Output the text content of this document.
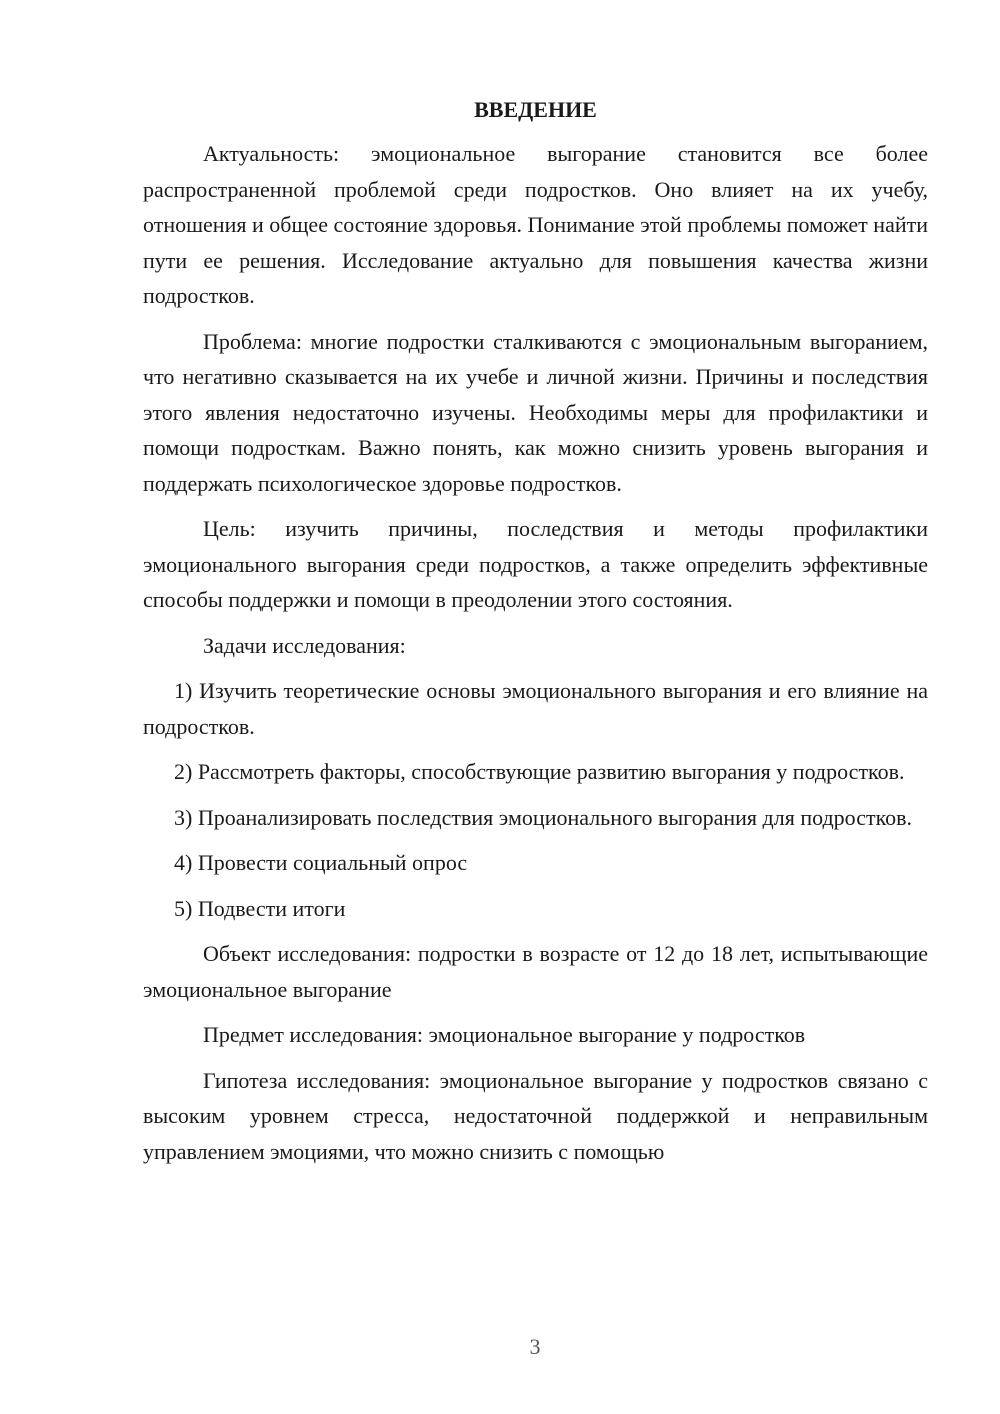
ВВЕДЕНИЕ

Актуальность: эмоциональное выгорание становится все более распространенной проблемой среди подростков. Оно влияет на их учебу, отношения и общее состояние здоровья. Понимание этой проблемы поможет найти пути ее решения. Исследование актуально для повышения качества жизни подростков.

Проблема: многие подростки сталкиваются с эмоциональным выгоранием, что негативно сказывается на их учебе и личной жизни. Причины и последствия этого явления недостаточно изучены. Необходимы меры для профилактики и помощи подросткам. Важно понять, как можно снизить уровень выгорания и поддержать психологическое здоровье подростков.

Цель: изучить причины, последствия и методы профилактики эмоционального выгорания среди подростков, а также определить эффективные способы поддержки и помощи в преодолении этого состояния.

Задачи исследования:

1) Изучить теоретические основы эмоционального выгорания и его влияние на подростков.

2) Рассмотреть факторы, способствующие развитию выгорания у подростков.

3) Проанализировать последствия эмоционального выгорания для подростков.

4) Провести социальный опрос

5) Подвести итоги

Объект исследования: подростки в возрасте от 12 до 18 лет, испытывающие эмоциональное выгорание

Предмет исследования: эмоциональное выгорание у подростков

Гипотеза исследования: эмоциональное выгорание у подростков связано с высоким уровнем стресса, недостаточной поддержкой и неправильным управлением эмоциями, что можно снизить с помощью

3
